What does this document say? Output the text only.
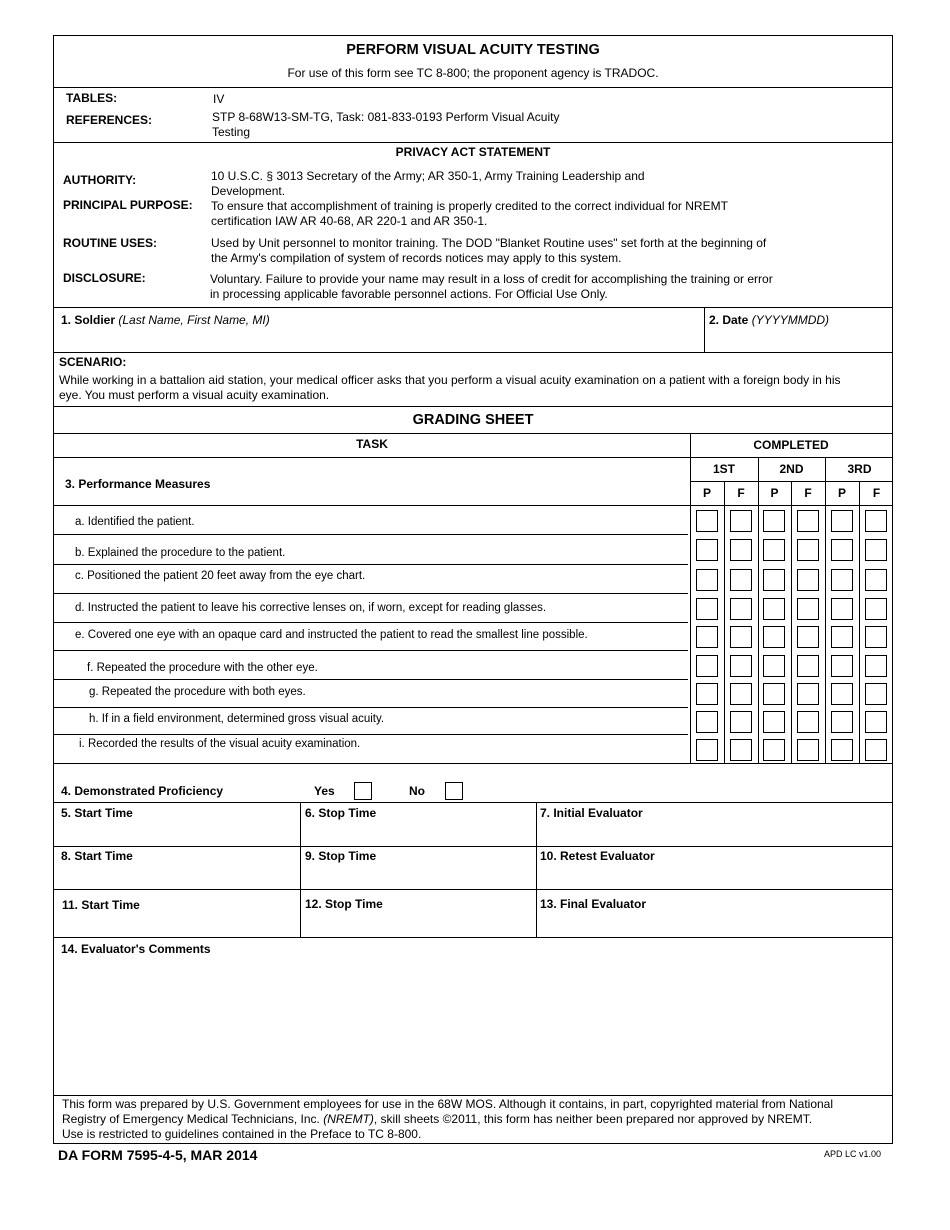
PERFORM VISUAL ACUITY TESTING
For use of this form see TC 8-800; the proponent agency is TRADOC.
TABLES:	IV
REFERENCES:	STP 8-68W13-SM-TG, Task: 081-833-0193 Perform Visual Acuity
Testing
PRIVACY ACT STATEMENT
AUTHORITY:	10 U.S.C. § 3013 Secretary of the Army; AR 350-1, Army Training Leadership and
Development.
PRINCIPAL PURPOSE: To ensure that accomplishment of training is properly credited to the correct individual for NREMT
certification IAW AR 40-68, AR 220-1 and AR 350-1.
ROUTINE USES:	Used by Unit personnel to monitor training. The DOD "Blanket Routine uses" set forth at the beginning of
the Army's compilation of system of records notices may apply to this system.
DISCLOSURE:	Voluntary. Failure to provide your name may result in a loss of credit for accomplishing the training or error
in processing applicable favorable personnel actions. For Official Use Only.
1. Soldier (Last Name, First Name, MI)	2. Date (YYYYMMDD)
SCENARIO:
While working in a battalion aid station, your medical officer asks that you perform a visual acuity examination on a patient with a foreign body in his
eye. You must perform a visual acuity examination.
GRADING SHEET
TASK	COMPLETED
3. Performance Measures
1ST	2ND	3RD
P	F	P	F	P	F
a. Identified the patient.
b. Explained the procedure to the patient.
c. Positioned the patient 20 feet away from the eye chart.
d. Instructed the patient to leave his corrective lenses on, if worn, except for reading glasses.
e. Covered one eye with an opaque card and instructed the patient to read the smallest line possible.
f. Repeated the procedure with the other eye.
g. Repeated the procedure with both eyes.
h. If in a field environment, determined gross visual acuity.
i. Recorded the results of the visual acuity examination.
4. Demonstrated Proficiency	Yes	No
5. Start Time	6. Stop Time	7. Initial Evaluator
8. Start Time	9. Stop Time	10. Retest Evaluator
11. Start Time	12. Stop Time	13. Final Evaluator
14. Evaluator's Comments
This form was prepared by U.S. Government employees for use in the 68W MOS. Although it contains, in part, copyrighted material from National
Registry of Emergency Medical Technicians, Inc. (NREMT), skill sheets ©2011, this form has neither been prepared nor approved by NREMT.
Use is restricted to guidelines contained in the Preface to TC 8-800.
DA FORM 7595-4-5, MAR 2014	APD LC v1.00
